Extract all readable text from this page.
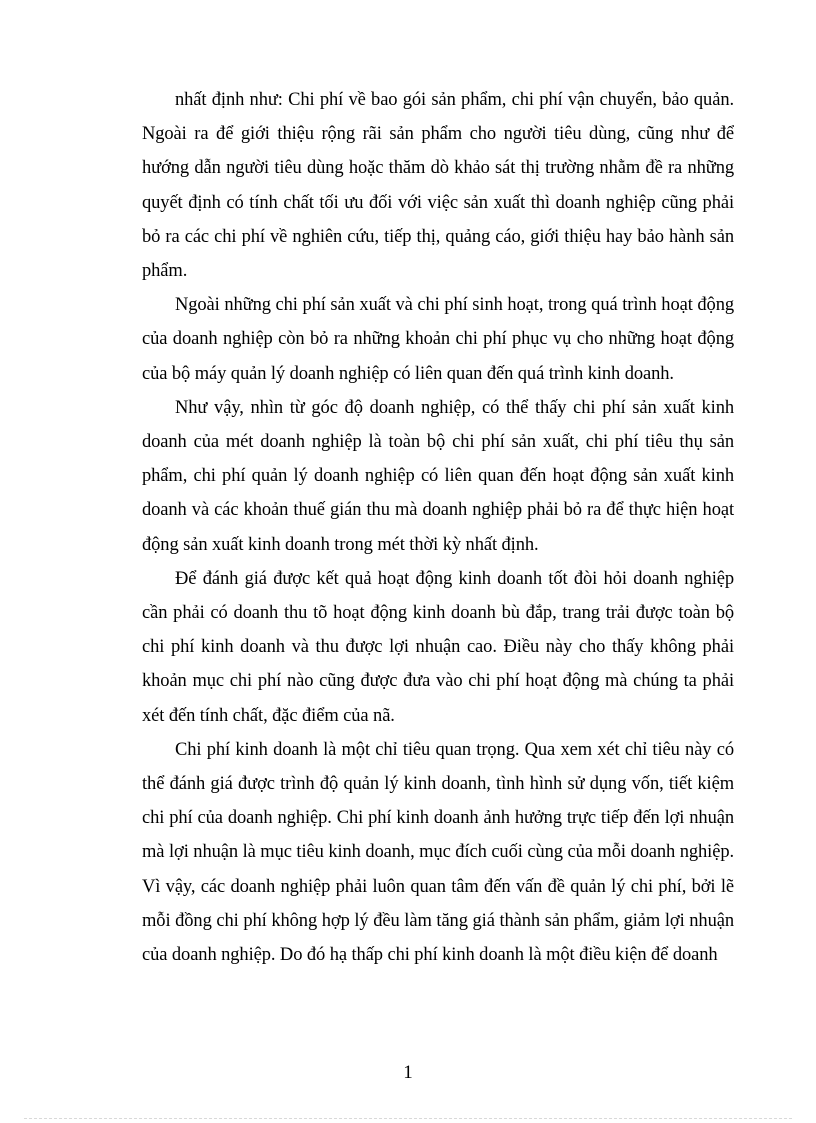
nhất định như: Chi phí về bao gói sản phẩm, chi phí vận chuyển, bảo quản. Ngoài ra để giới thiệu rộng rãi sản phẩm cho người tiêu dùng, cũng như để hướng dẫn người tiêu dùng hoặc thăm dò khảo sát thị trường nhằm đề ra những quyết định có tính chất tối ưu đối với việc sản xuất thì doanh nghiệp cũng phải bỏ ra các chi phí về nghiên cứu, tiếp thị, quảng cáo, giới thiệu hay bảo hành sản phẩm.

Ngoài những chi phí sản xuất và chi phí sinh hoạt, trong quá trình hoạt động của doanh nghiệp còn bỏ ra những khoản chi phí phục vụ cho những hoạt động của bộ máy quản lý doanh nghiệp có liên quan đến quá trình kinh doanh.

Như vậy, nhìn từ góc độ doanh nghiệp, có thể thấy chi phí sản xuất kinh doanh của mét doanh nghiệp là toàn bộ chi phí sản xuất, chi phí tiêu thụ sản phẩm, chi phí quản lý doanh nghiệp có liên quan đến hoạt động sản xuất kinh doanh và các khoản thuế gián thu mà doanh nghiệp phải bỏ ra để thực hiện hoạt động sản xuất kinh doanh trong mét thời kỳ nhất định.

Để đánh giá được kết quả hoạt động kinh doanh tốt đòi hỏi doanh nghiệp cần phải có doanh thu tõ hoạt động kinh doanh bù đắp, trang trải được toàn bộ chi phí kinh doanh và thu được lợi nhuận cao. Điều này cho thấy không phải khoản mục chi phí nào cũng được đưa vào chi phí hoạt động mà chúng ta phải xét đến tính chất, đặc điểm của nã.

Chi phí kinh doanh là một chỉ tiêu quan trọng. Qua xem xét chỉ tiêu này có thể đánh giá được trình độ quản lý kinh doanh, tình hình sử dụng vốn, tiết kiệm chi phí của doanh nghiệp. Chi phí kinh doanh ảnh hưởng trực tiếp đến lợi nhuận mà lợi nhuận là mục tiêu kinh doanh, mục đích cuối cùng của mỗi doanh nghiệp. Vì vậy, các doanh nghiệp phải luôn quan tâm đến vấn đề quản lý chi phí, bởi lẽ mỗi đồng chi phí không hợp lý đều làm tăng giá thành sản phẩm, giảm lợi nhuận của doanh nghiệp. Do đó hạ thấp chi phí kinh doanh là một điều kiện để doanh

1
